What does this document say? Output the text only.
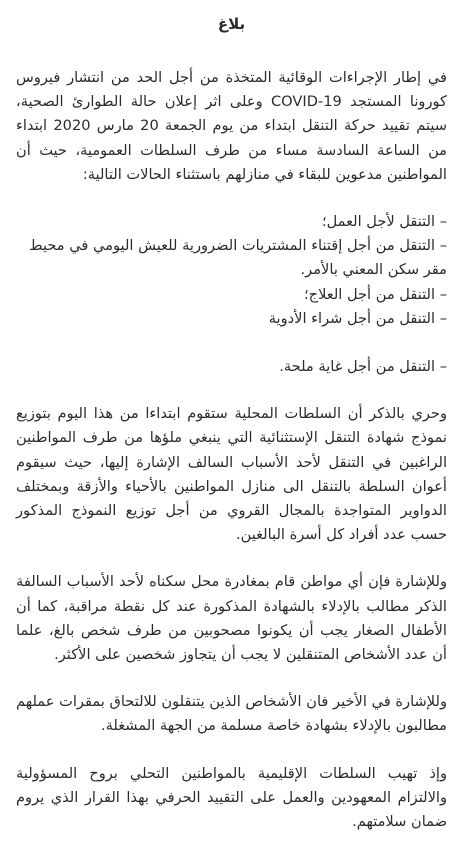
بلاغ

في إطار الإجراءات الوقائية المتخذة من أجل الحد من انتشار فيروس كورونا المستجد COVID-19 وعلى اثر إعلان حالة الطوارئ الصحية، سيتم تقييد حركة التنقل ابتداء من يوم الجمعة 20 مارس 2020 ابتداء من الساعة السادسة مساء من طرف السلطات العمومية، حيث أن المواطنين مدعوين للبقاء في منازلهم باستثناء الحالات التالية:

– التنقل لأجل العمل؛
– التنقل من أجل إقتناء المشتريات الضرورية للعيش اليومي في محيط مقر سكن المعني بالأمر.
– التنقل من أجل العلاج؛
– التنقل من أجل شراء الأدوية
– التنقل من أجل غاية ملحة.

وحري بالذكر أن السلطات المحلية ستقوم ابتداءا من هذا اليوم بتوزيع نموذج شهادة التنقل الإستثنائية التي ينبغي ملؤها من طرف المواطنين الراغبين في التنقل لأحد الأسباب السالف الإشارة إليها، حيث سيقوم أعوان السلطة بالتنقل الى منازل المواطنين بالأحياء والأزقة وبمختلف الدواوير المتواجدة بالمجال القروي من أجل توزيع النموذج المذكور حسب عدد أفراد كل أسرة البالغين.

وللإشارة فإن أي مواطن قام بمغادرة محل سكناه لأحد الأسباب السالفة الذكر مطالب بالإدلاء بالشهادة المذكورة عند كل نقطة مراقبة، كما أن الأطفال الصغار يجب أن يكونوا مصحوبين من طرف شخص بالغ، علما أن عدد الأشخاص المتنقلين لا يجب أن يتجاوز شخصين على الأكثر.

وللإشارة في الأخير فان الأشخاص الذين يتنقلون للالتحاق بمقرات عملهم مطالبون بالإدلاء بشهادة خاصة مسلمة من الجهة المشغلة.

وإذ تهيب السلطات الإقليمية بالمواطنين التحلي بروح المسؤولية والالتزام المعهودين والعمل على التقييد الحرفي بهذا القرار الذي يروم ضمان سلامتهم.
